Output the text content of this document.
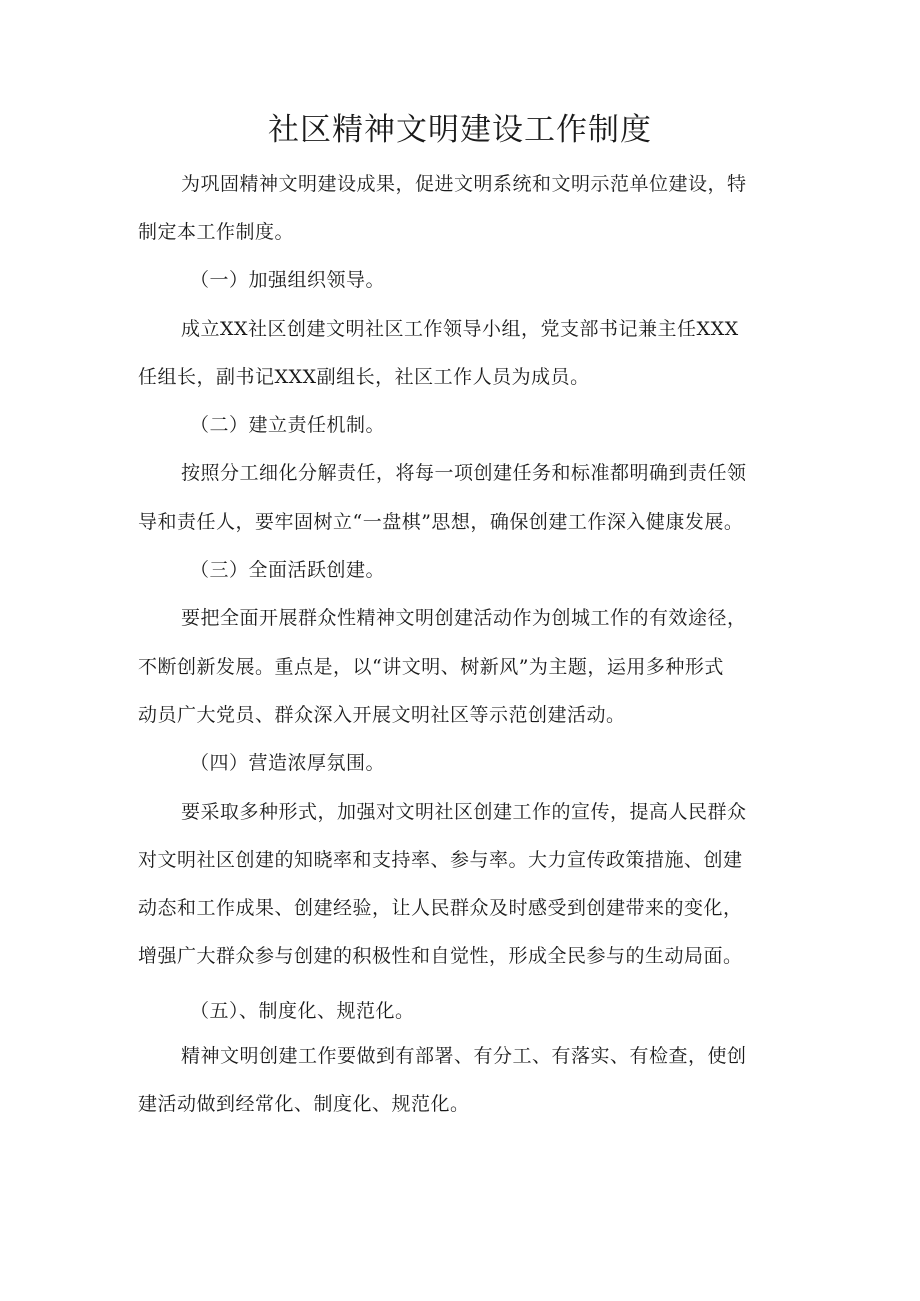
社区精神文明建设工作制度
为巩固精神文明建设成果，促进文明系统和文明示范单位建设，特
制定本工作制度。
（一）加强组织领导。
成立XX社区创建文明社区工作领导小组，党支部书记兼主任XXX
任组长，副书记XXX副组长，社区工作人员为成员。
（二）建立责任机制。
按照分工细化分解责任，将每一项创建任务和标准都明确到责任领
导和责任人，要牢固树立“一盘棋”思想，确保创建工作深入健康发展。
（三）全面活跃创建。
要把全面开展群众性精神文明创建活动作为创城工作的有效途径，
不断创新发展。重点是，以“讲文明、树新风”为主题，运用多种形式
动员广大党员、群众深入开展文明社区等示范创建活动。
（四）营造浓厚氛围。
要采取多种形式，加强对文明社区创建工作的宣传，提高人民群众
对文明社区创建的知晓率和支持率、参与率。大力宣传政策措施、创建
动态和工作成果、创建经验，让人民群众及时感受到创建带来的变化，
增强广大群众参与创建的积极性和自觉性，形成全民参与的生动局面。
（五）、制度化、规范化。
精神文明创建工作要做到有部署、有分工、有落实、有检查，使创
建活动做到经常化、制度化、规范化。
